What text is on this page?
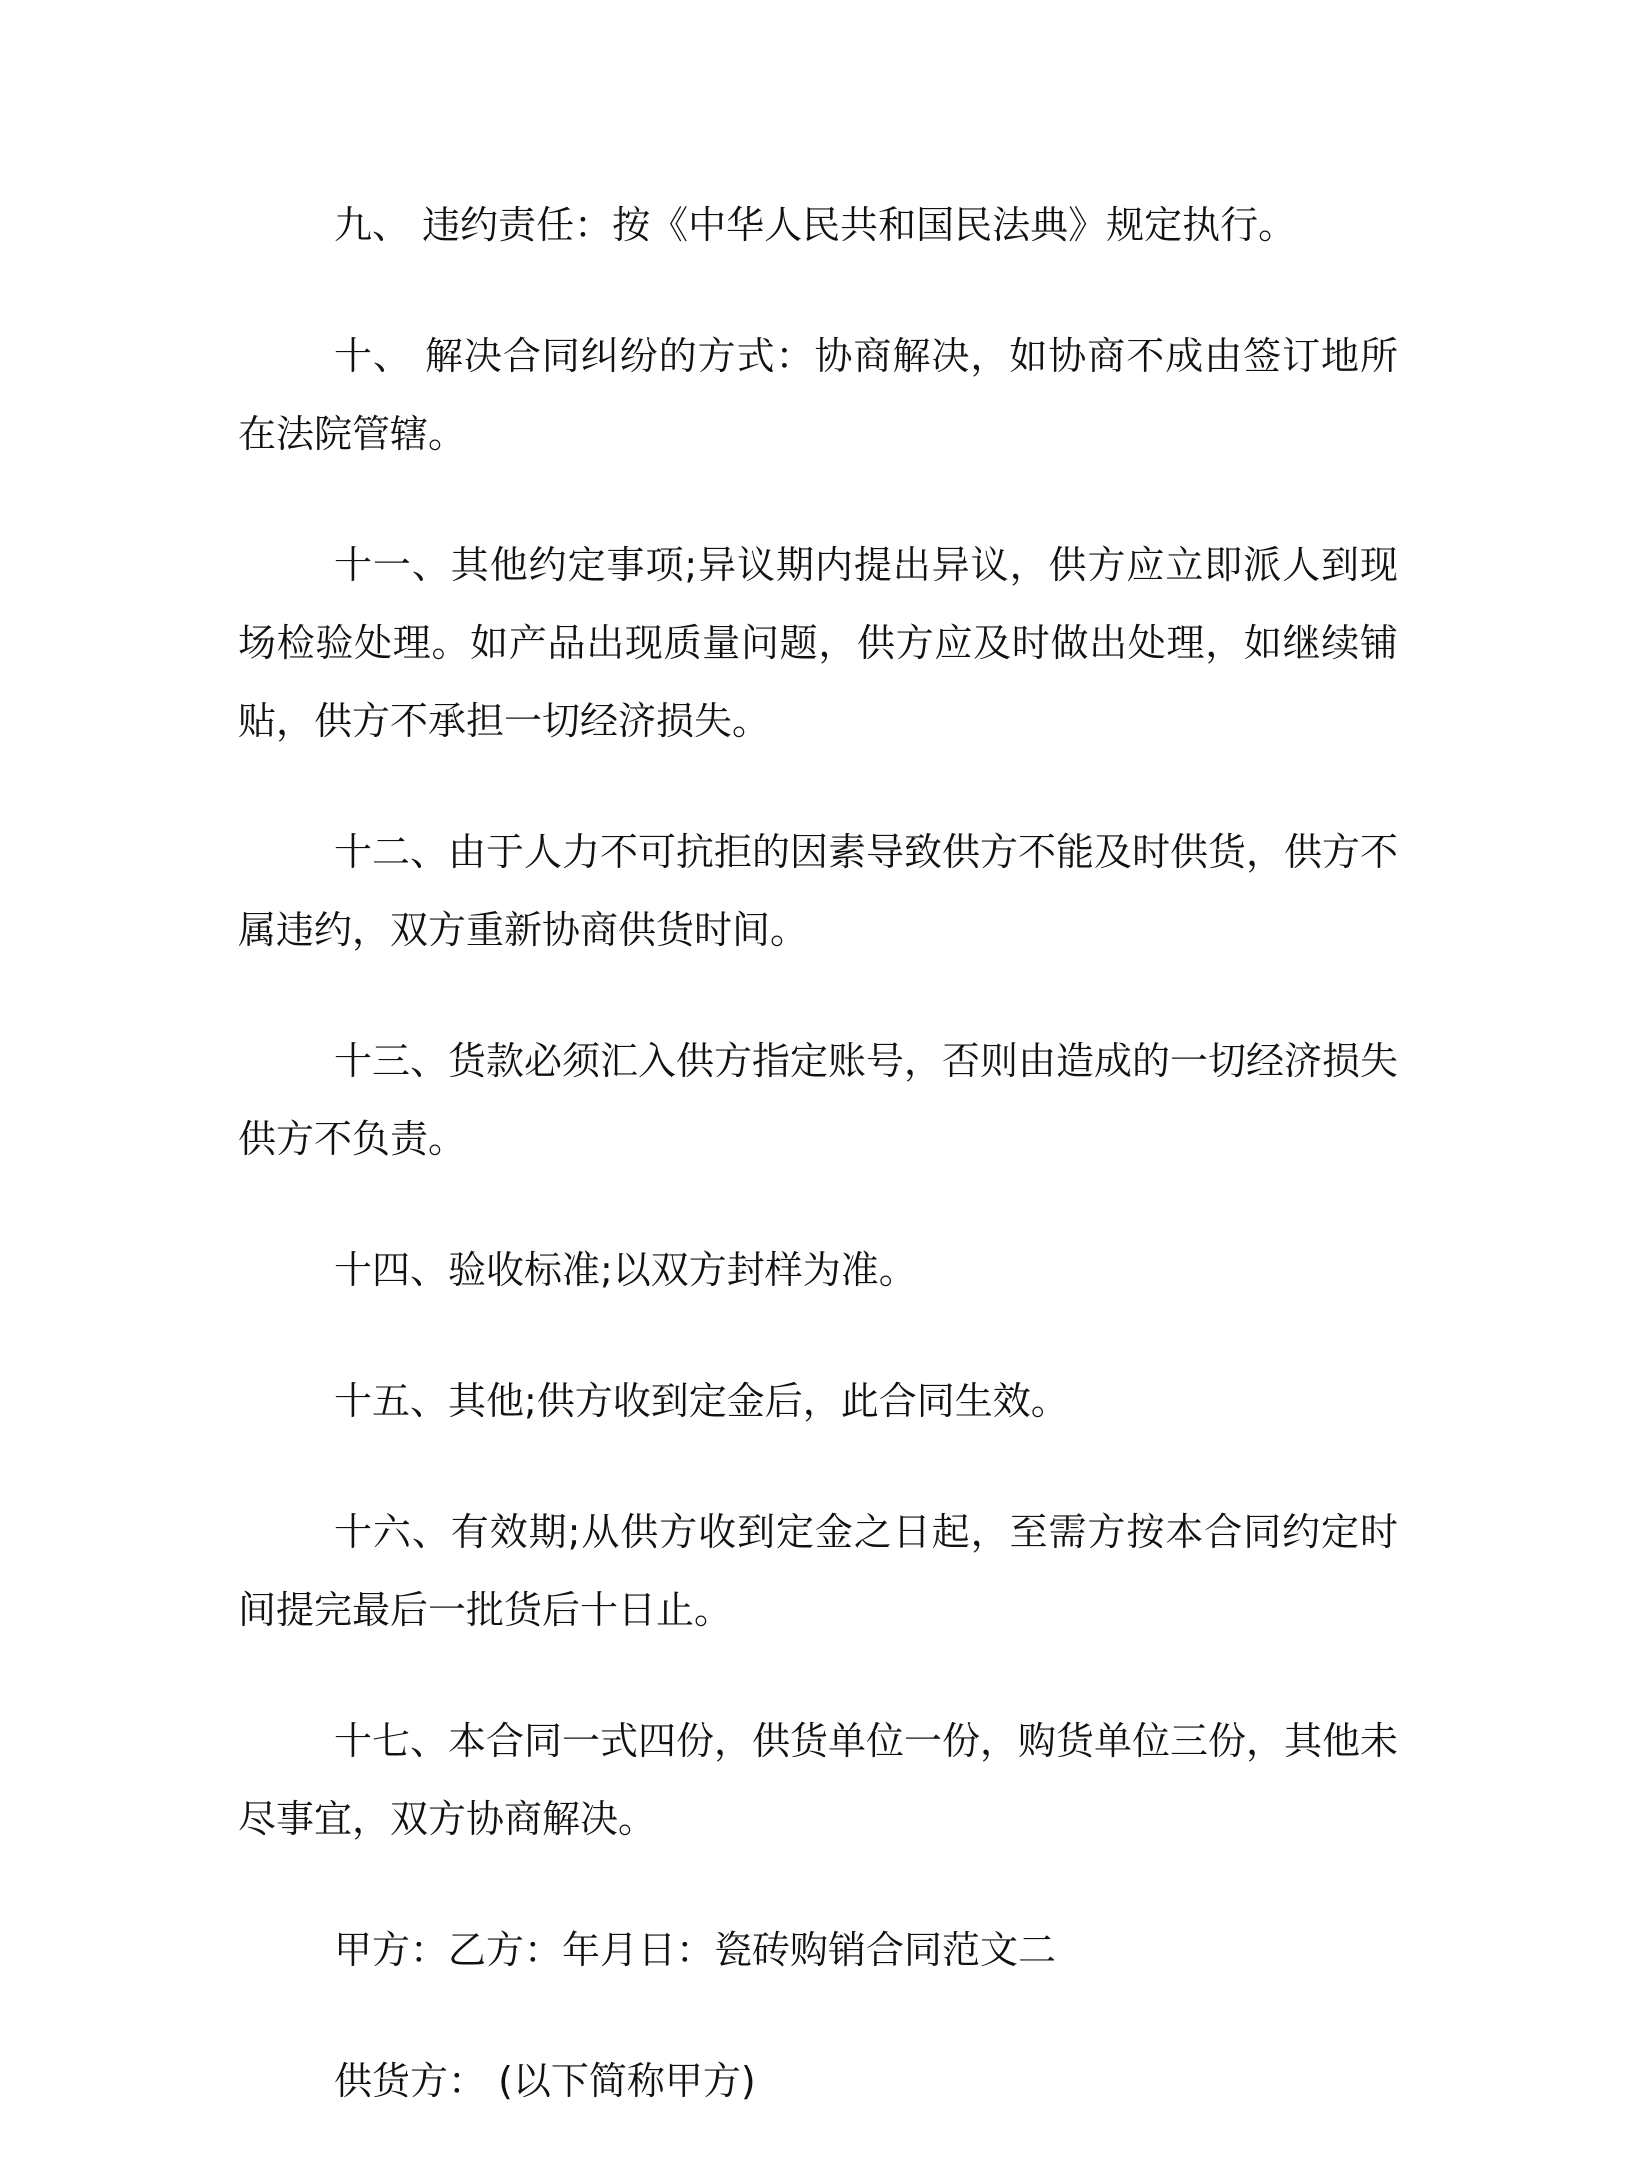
九、 违约责任：按《中华人民共和国民法典》规定执行。

十、 解决合同纠纷的方式：协商解决，如协商不成由签订地所在法院管辖。

十一、其他约定事项;异议期内提出异议，供方应立即派人到现场检验处理。如产品出现质量问题，供方应及时做出处理，如继续铺贴，供方不承担一切经济损失。

十二、由于人力不可抗拒的因素导致供方不能及时供货，供方不属违约，双方重新协商供货时间。

十三、货款必须汇入供方指定账号，否则由造成的一切经济损失供方不负责。

十四、验收标准;以双方封样为准。

十五、其他;供方收到定金后，此合同生效。

十六、有效期;从供方收到定金之日起，至需方按本合同约定时间提完最后一批货后十日止。

十七、本合同一式四份，供货单位一份，购货单位三份，其他未尽事宜，双方协商解决。

甲方：乙方：年月日：瓷砖购销合同范文二

供货方： (以下简称甲方)
